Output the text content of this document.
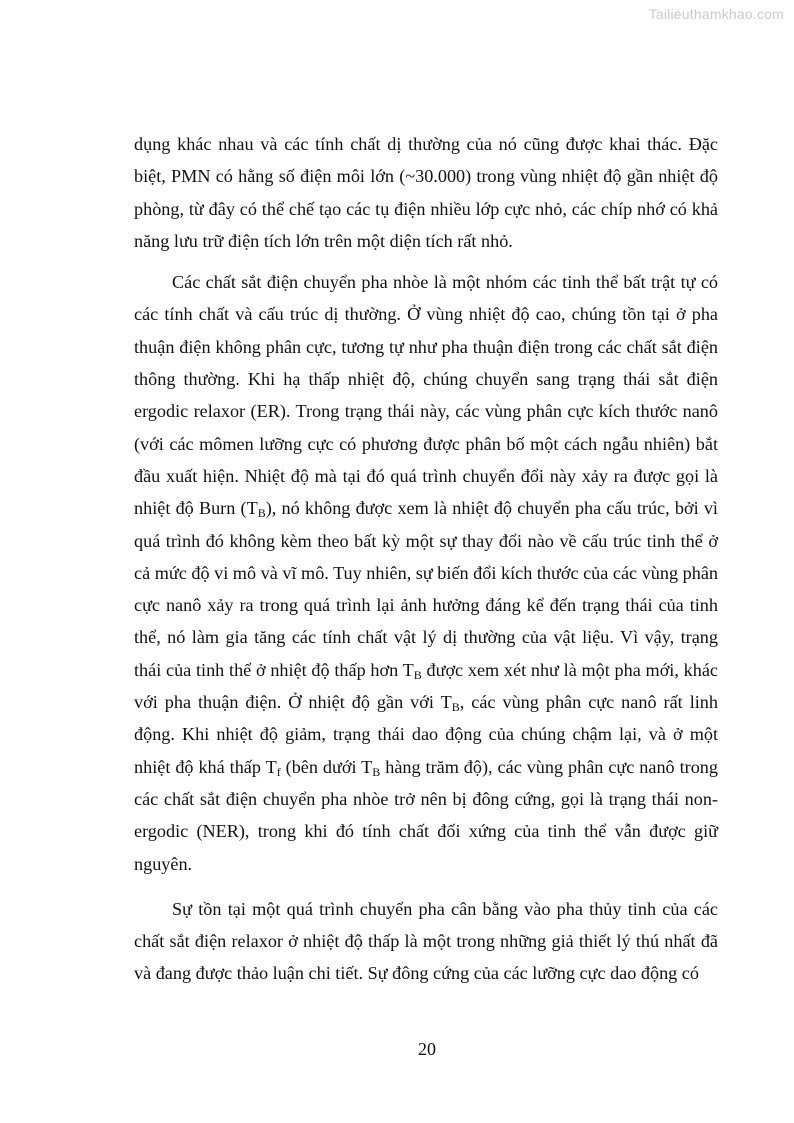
Tailieuthamkhao.com

dụng khác nhau và các tính chất dị thường của nó cũng được khai thác. Đặc biệt, PMN có hằng số điện môi lớn (~30.000) trong vùng nhiệt độ gần nhiệt độ phòng, từ đây có thể chế tạo các tụ điện nhiều lớp cực nhỏ, các chíp nhớ có khả năng lưu trữ điện tích lớn trên một diện tích rất nhỏ.

Các chất sắt điện chuyển pha nhòe là một nhóm các tinh thể bất trật tự có các tính chất và cấu trúc dị thường. Ở vùng nhiệt độ cao, chúng tồn tại ở pha thuận điện không phân cực, tương tự như pha thuận điện trong các chất sắt điện thông thường. Khi hạ thấp nhiệt độ, chúng chuyển sang trạng thái sắt điện ergodic relaxor (ER). Trong trạng thái này, các vùng phân cực kích thước nanô (với các mômen lưỡng cực có phương được phân bố một cách ngẫu nhiên) bắt đầu xuất hiện. Nhiệt độ mà tại đó quá trình chuyển đổi này xảy ra được gọi là nhiệt độ Burn $(T_B)$, nó không được xem là nhiệt độ chuyển pha cấu trúc, bởi vì quá trình đó không kèm theo bất kỳ một sự thay đổi nào về cấu trúc tinh thể ở cả mức độ vi mô và vĩ mô. Tuy nhiên, sự biến đổi kích thước của các vùng phân cực nanô xảy ra trong quá trình lại ảnh hưởng đáng kể đến trạng thái của tinh thể, nó làm gia tăng các tính chất vật lý dị thường của vật liệu. Vì vậy, trạng thái của tinh thể ở nhiệt độ thấp hơn $T_B$ được xem xét như là một pha mới, khác với pha thuận điện. Ở nhiệt độ gần với $T_B$, các vùng phân cực nanô rất linh động. Khi nhiệt độ giảm, trạng thái dao động của chúng chậm lại, và ở một nhiệt độ khá thấp $T_f$ (bên dưới $T_B$ hàng trăm độ), các vùng phân cực nanô trong các chất sắt điện chuyển pha nhòe trở nên bị đông cứng, gọi là trạng thái non-ergodic (NER), trong khi đó tính chất đối xứng của tinh thể vẫn được giữ nguyên.

Sự tồn tại một quá trình chuyển pha cân bằng vào pha thủy tinh của các chất sắt điện relaxor ở nhiệt độ thấp là một trong những giả thiết lý thú nhất đã và đang được thảo luận chi tiết. Sự đông cứng của các lưỡng cực dao động có

20
